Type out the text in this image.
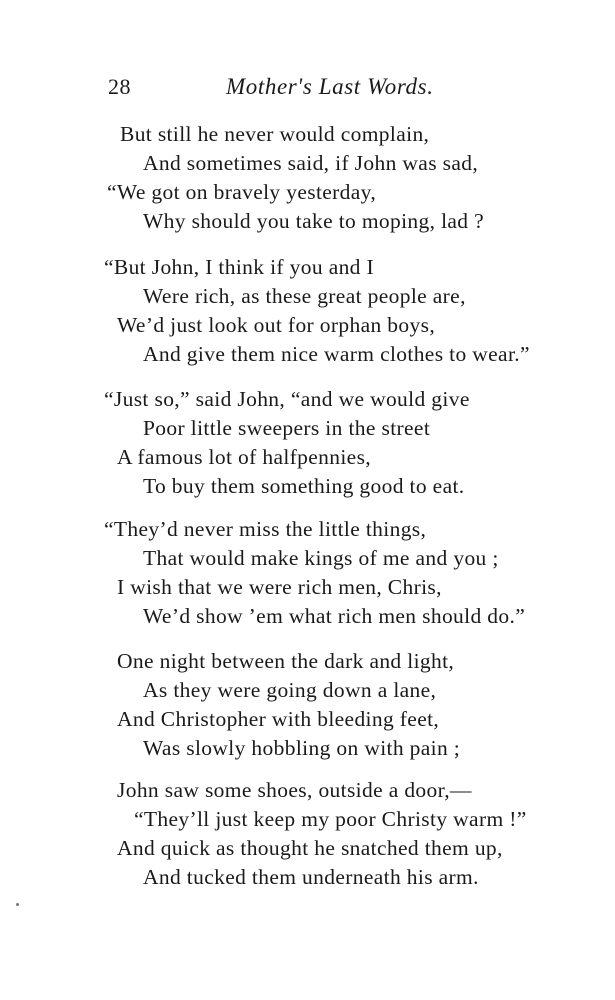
28	Mother's Last Words.
But still he never would complain,
And sometimes said, if John was sad,
“We got on bravely yesterday,
Why should you take to moping, lad ?
“But John, I think if you and I
Were rich, as these great people are,
We’d just look out for orphan boys,
And give them nice warm clothes to wear.”
“Just so,” said John, “and we would give
Poor little sweepers in the street
A famous lot of halfpennies,
To buy them something good to eat.
“They’d never miss the little things,
That would make kings of me and you ;
I wish that we were rich men, Chris,
We’d show ’em what rich men should do.”
One night between the dark and light,
As they were going down a lane,
And Christopher with bleeding feet,
Was slowly hobbling on with pain ;
John saw some shoes, outside a door,—
“They’ll just keep my poor Christy warm !”
And quick as thought he snatched them up,
And tucked them underneath his arm.
